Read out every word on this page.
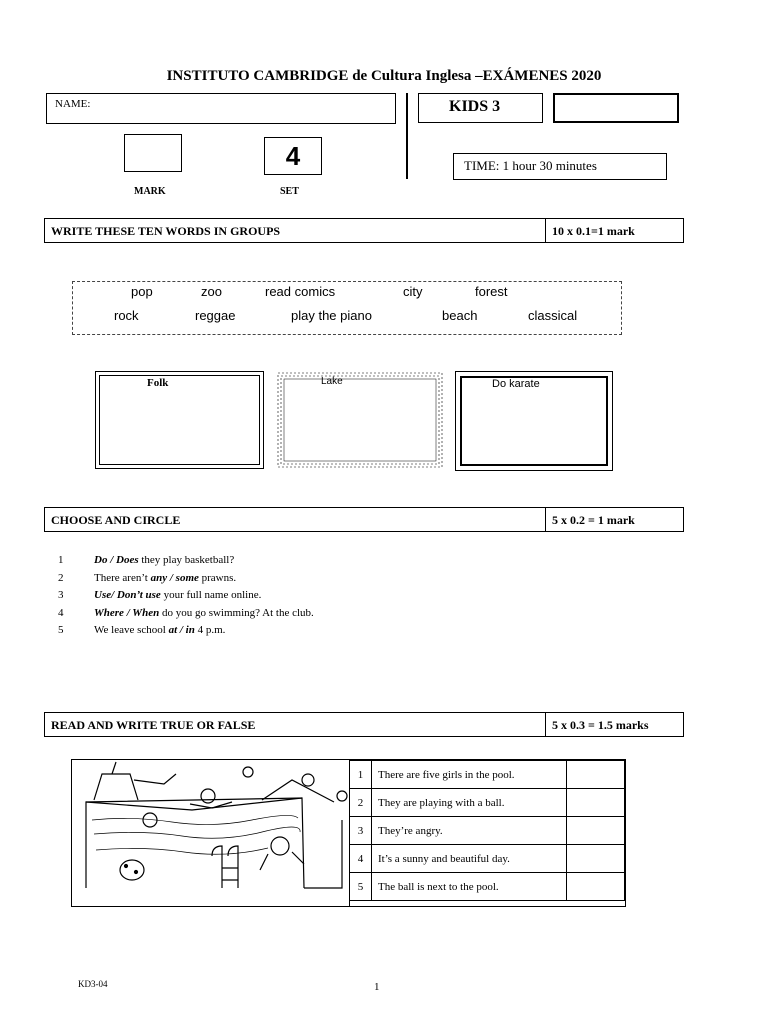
INSTITUTO CAMBRIDGE de Cultura Inglesa –EXÁMENES 2020
NAME:	KIDS 3
4
MARK	SET
TIME: 1 hour 30 minutes
WRITE THESE TEN WORDS IN GROUPS	10 x 0.1=1 mark
pop	zoo	read comics	city	forest
rock	reggae	play the piano	beach	classical
Folk	Lake	Do karate
CHOOSE AND CIRCLE	5 x 0.2 = 1 mark
1	Do / Does they play basketball?
2	There aren’t any / some prawns.
3	Use/ Don’t use your full name online.
4	Where / When do you go swimming? At the club.
5	We leave school at / in 4 p.m.
READ AND WRITE TRUE OR FALSE	5 x 0.3 = 1.5 marks
1	There are five girls in the pool.	
2	They are playing with a ball.	
3	They’re angry.	
4	It’s a sunny and beautiful day.	
5	The ball is next to the pool.	
KD3-04	1
